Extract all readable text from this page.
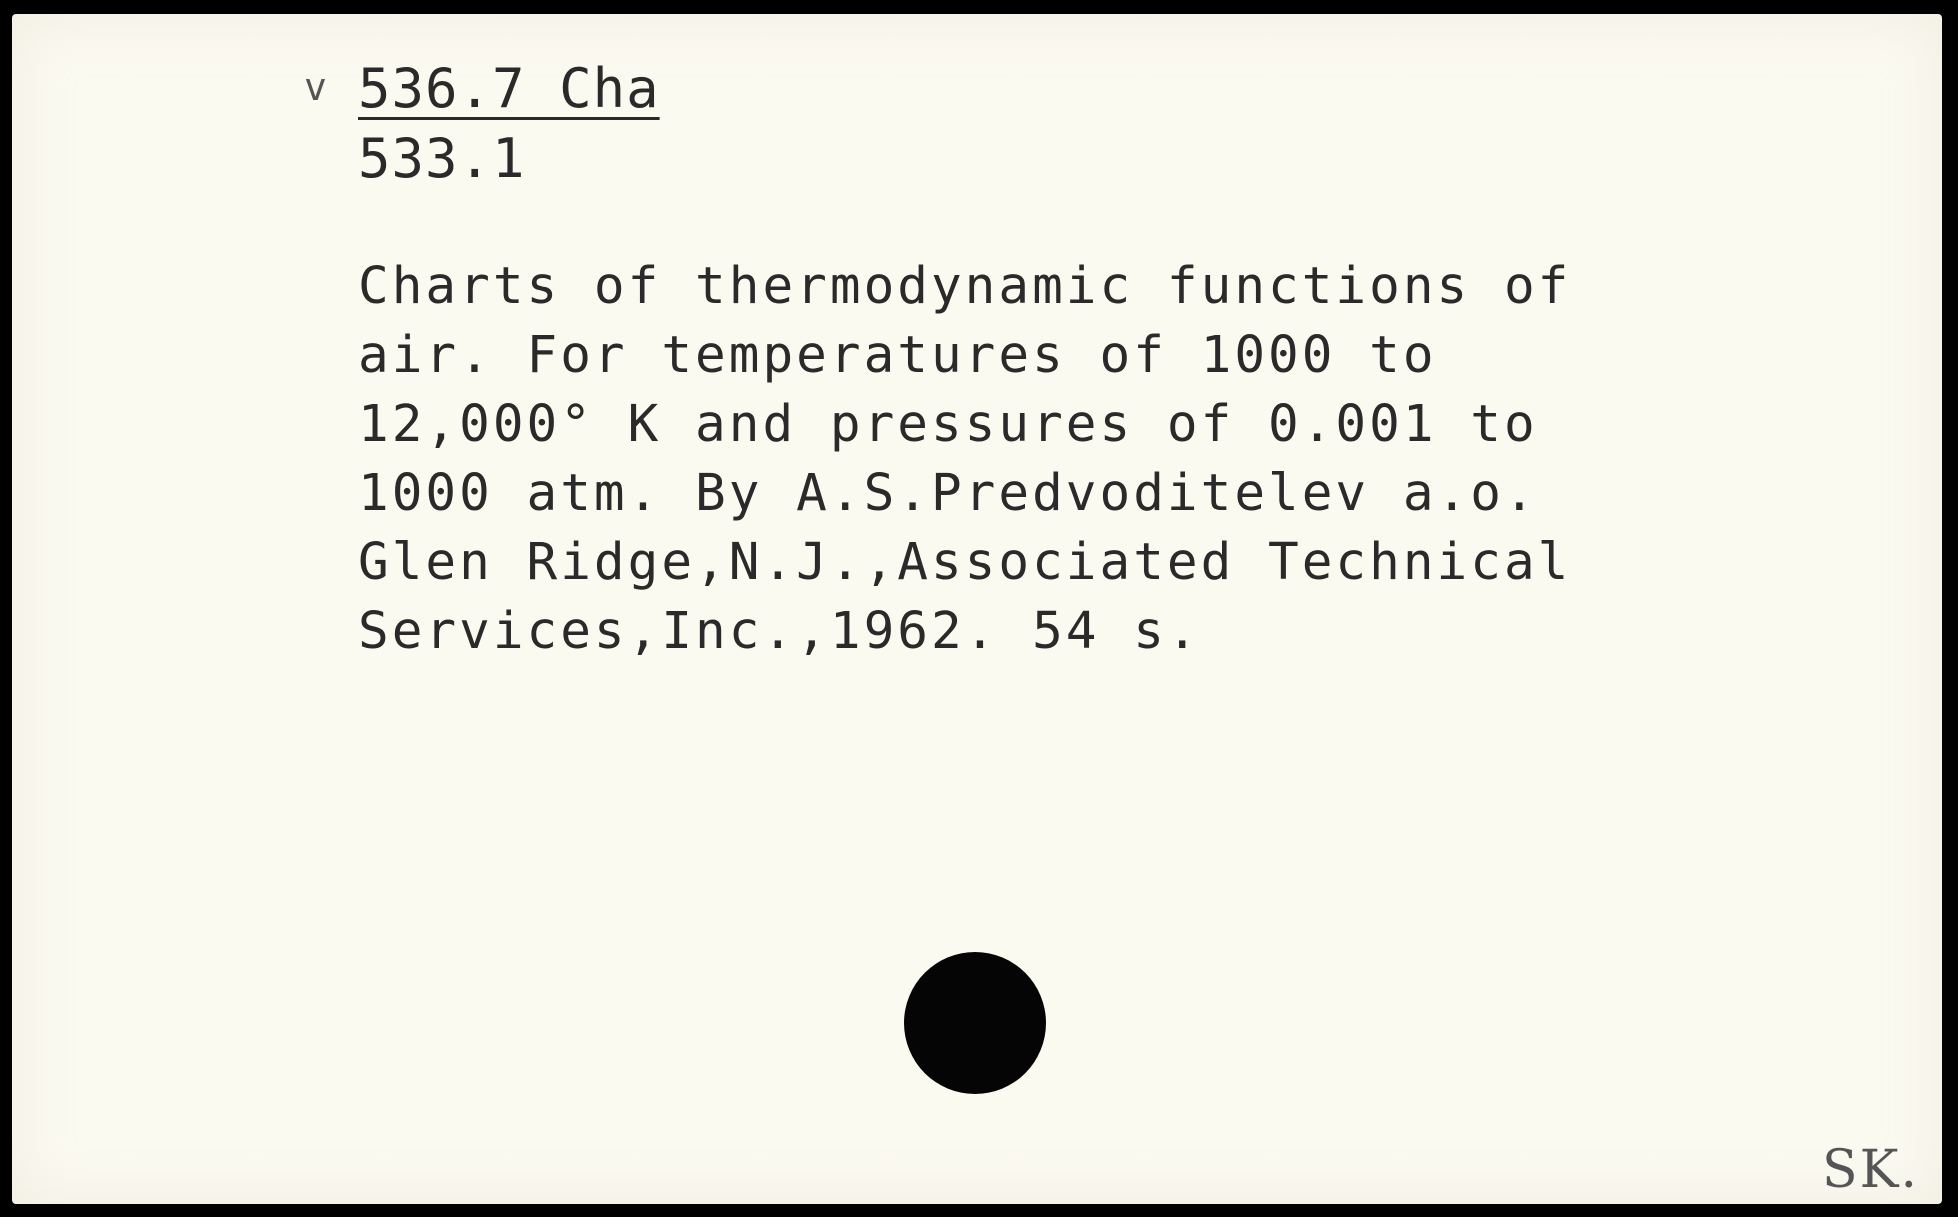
v 536.7 Cha
533.1
Charts of thermodynamic functions of
air. For temperatures of 1000 to
12,000° K and pressures of 0.001 to
1000 atm. By A.S.Predvoditelev a.o.
Glen Ridge,N.J.,Associated Technical
Services,Inc.,1962. 54 s.
SK.
